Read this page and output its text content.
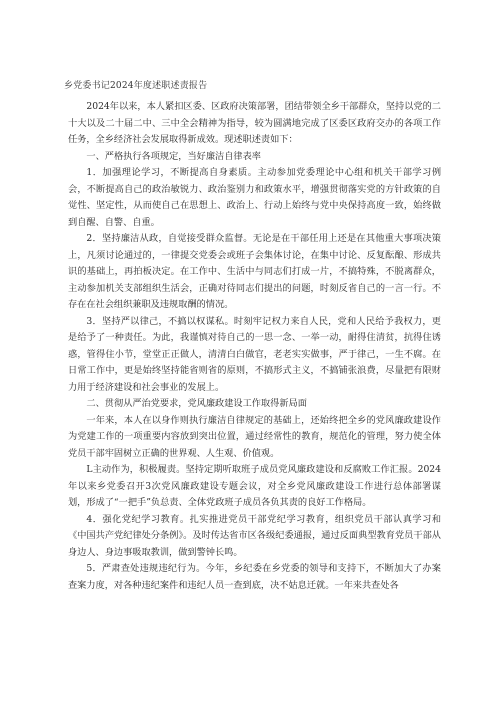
乡党委书记2024年度述职述责报告

2024年以来，本人紧扣区委、区政府决策部署，团结带领全乡干部群众，坚持以党的二十大以及二十届二中、三中全会精神为指导，较为圆满地完成了区委区政府交办的各项工作任务，全乡经济社会发展取得新成效。现述职述责如下：

一、严格执行各项规定，当好廉洁自律表率

1．加强理论学习，不断提高自身素质。主动参加党委理论中心组和机关干部学习例会，不断提高自己的政治敏锐力、政治鉴别力和政策水平，增强贯彻落实党的方针政策的自觉性、坚定性，从而使自己在思想上、政治上、行动上始终与党中央保持高度一致，始终做到自醒、自警、自重。

2．坚持廉洁从政，自觉接受群众监督。无论是在干部任用上还是在其他重大事项决策上，凡须讨论通过的，一律提交党委会或班子会集体讨论，在集中讨论、反复酝酿、形成共识的基础上，再拍板决定。在工作中、生活中与同志们打成一片，不搞特殊，不脱离群众，主动参加机关支部组织生活会，正确对待同志们提出的问题，时刻反省自己的一言一行。不存在在社会组织兼职及违规取酬的情况。

3．坚持严以律己，不搞以权谋私。时刻牢记权力来自人民，党和人民给予我权力，更是给予了一种责任。为此，我谨慎对待自己的一思一念、一举一动，耐得住清贫，抗得住诱惑，管得住小节，堂堂正正做人，清清白白做官，老老实实做事，严于律己，一生不腐。在日常工作中，更是始终坚持能省则省的原则，不搞形式主义，不搞铺张浪费，尽量把有限财力用于经济建设和社会事业的发展上。

二、贯彻从严治党要求，党风廉政建设工作取得新局面

一年来，本人在以身作则执行廉洁自律规定的基础上，还始终把全乡的党风廉政建设作为党建工作的一项重要内容放到突出位置，通过经常性的教育，规范化的管理，努力使全体党员干部牢固树立正确的世界观、人生观、价值观。

L主动作为，积极履责。坚持定期听取班子成员党风廉政建设和反腐败工作汇报。2024年以来乡党委召开3次党风廉政建设专题会议，对全乡党风廉政建设工作进行总体部署谋划，形成了“一把手”负总责、全体党政班子成员各负其责的良好工作格局。

4．强化党纪学习教育。扎实推进党员干部党纪学习教育，组织党员干部认真学习和《中国共产党纪律处分条例》。及时传达省市区各级纪委通报，通过反面典型教育党员干部从身边人、身边事吸取教训，做到警钟长鸣。

5．严肃查处违规违纪行为。今年，乡纪委在乡党委的领导和支持下，不断加大了办案查案力度，对各种违纪案件和违纪人员一查到底，决不姑息迁就。一年来共查处各
